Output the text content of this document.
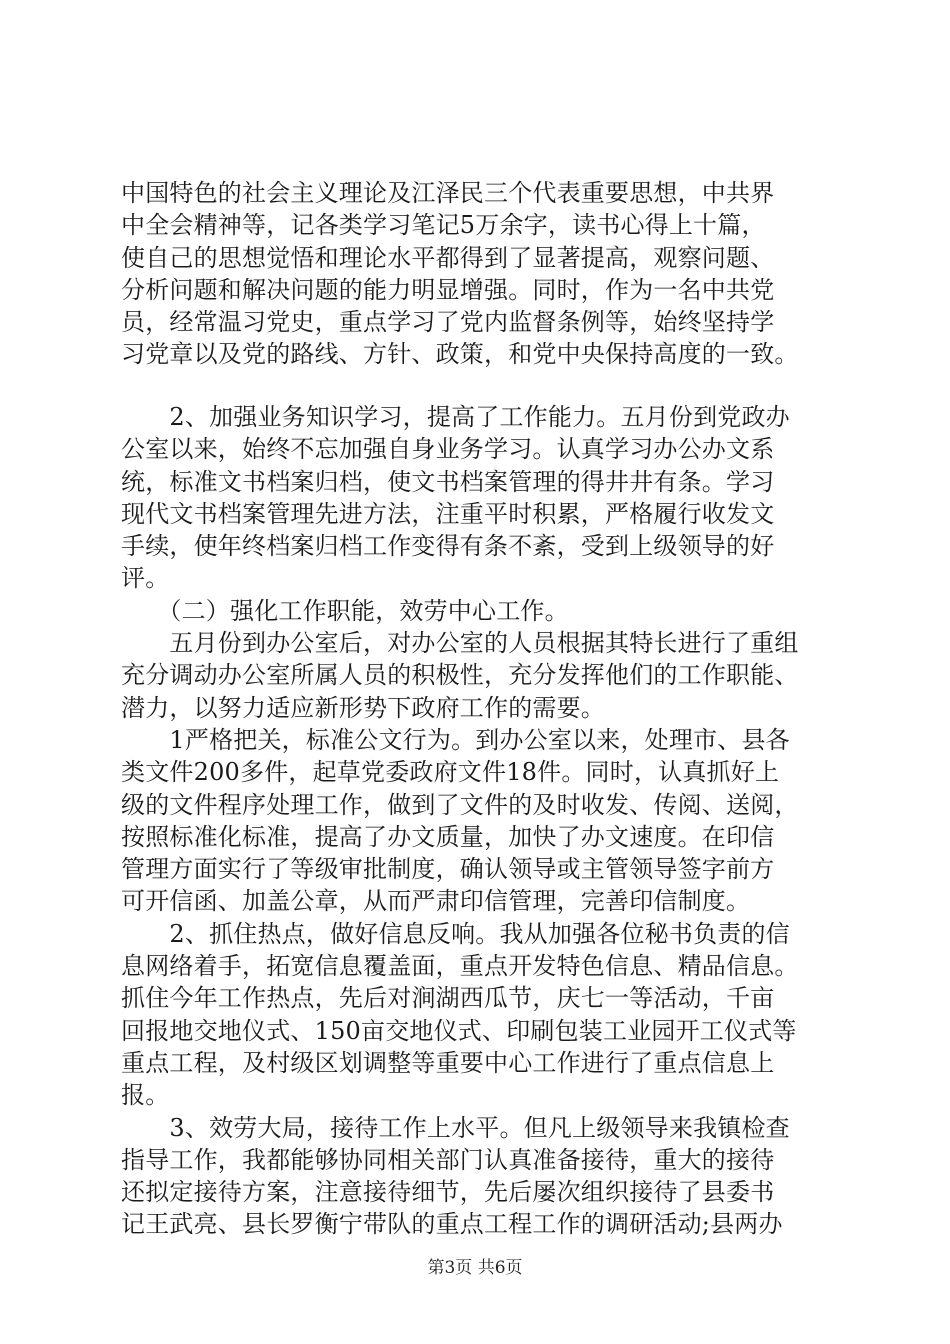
中国特色的社会主义理论及江泽民三个代表重要思想，中共界
中全会精神等，记各类学习笔记5万余字，读书心得上十篇，
使自己的思想觉悟和理论水平都得到了显著提高，观察问题、
分析问题和解决问题的能力明显增强。同时，作为一名中共党
员，经常温习党史，重点学习了党内监督条例等，始终坚持学
习党章以及党的路线、方针、政策，和党中央保持高度的一致。
　　2、加强业务知识学习，提高了工作能力。五月份到党政办
公室以来，始终不忘加强自身业务学习。认真学习办公办文系
统，标准文书档案归档，使文书档案管理的得井井有条。学习
现代文书档案管理先进方法，注重平时积累，严格履行收发文
手续，使年终档案归档工作变得有条不紊，受到上级领导的好
评。
　　（二）强化工作职能，效劳中心工作。
　　五月份到办公室后，对办公室的人员根据其特长进行了重组
充分调动办公室所属人员的积极性，充分发挥他们的工作职能、
潜力，以努力适应新形势下政府工作的需要。
　　1严格把关，标准公文行为。到办公室以来，处理市、县各
类文件200多件，起草党委政府文件18件。同时，认真抓好上
级的文件程序处理工作，做到了文件的及时收发、传阅、送阅，
按照标准化标准，提高了办文质量，加快了办文速度。在印信
管理方面实行了等级审批制度，确认领导或主管领导签字前方
可开信函、加盖公章，从而严肃印信管理，完善印信制度。
　　2、抓住热点，做好信息反响。我从加强各位秘书负责的信
息网络着手，拓宽信息覆盖面，重点开发特色信息、精品信息。
抓住今年工作热点，先后对涧湖西瓜节，庆七一等活动，千亩
回报地交地仪式、150亩交地仪式、印刷包装工业园开工仪式等
重点工程，及村级区划调整等重要中心工作进行了重点信息上
报。
　　3、效劳大局，接待工作上水平。但凡上级领导来我镇检查
指导工作，我都能够协同相关部门认真准备接待，重大的接待
还拟定接待方案，注意接待细节，先后屡次组织接待了县委书
记王武亮、县长罗衡宁带队的重点工程工作的调研活动;县两办
第3页 共6页
